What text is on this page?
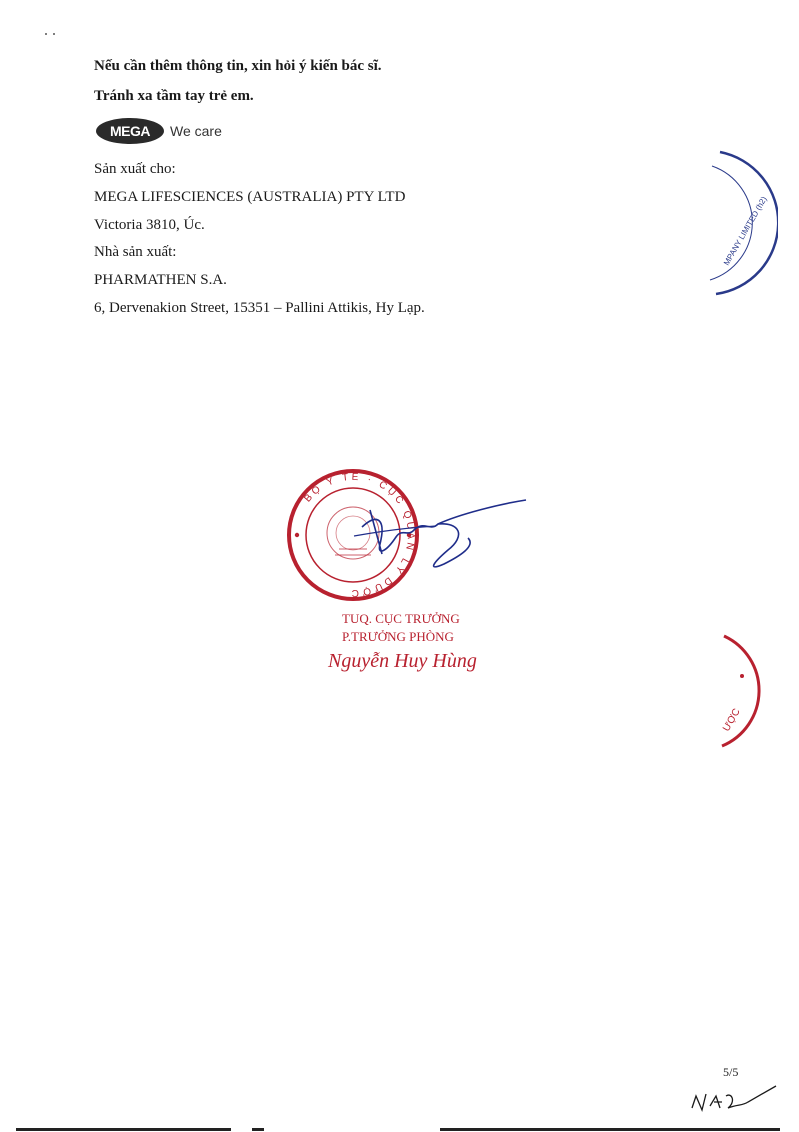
Nếu cần thêm thông tin, xin hỏi ý kiến bác sĩ.
Tránh xa tầm tay trẻ em.
MEGA	We care
Sản xuất cho:
MEGA LIFESCIENCES (AUSTRALIA) PTY LTD
Victoria 3810, Úc.
Nhà sản xuất:
PHARMATHEN S.A.
6, Dervenakion Street, 15351 – Pallini Attikis, Hy Lạp.
BỘ Y TẾ · CỤC QUẢN LÝ DƯỢC
TUQ. CỤC TRƯỞNG
P.TRƯỞNG PHÒNG
Nguyễn Huy Hùng
MPANY LIMITED (h2)
ƯỢC
5/5
